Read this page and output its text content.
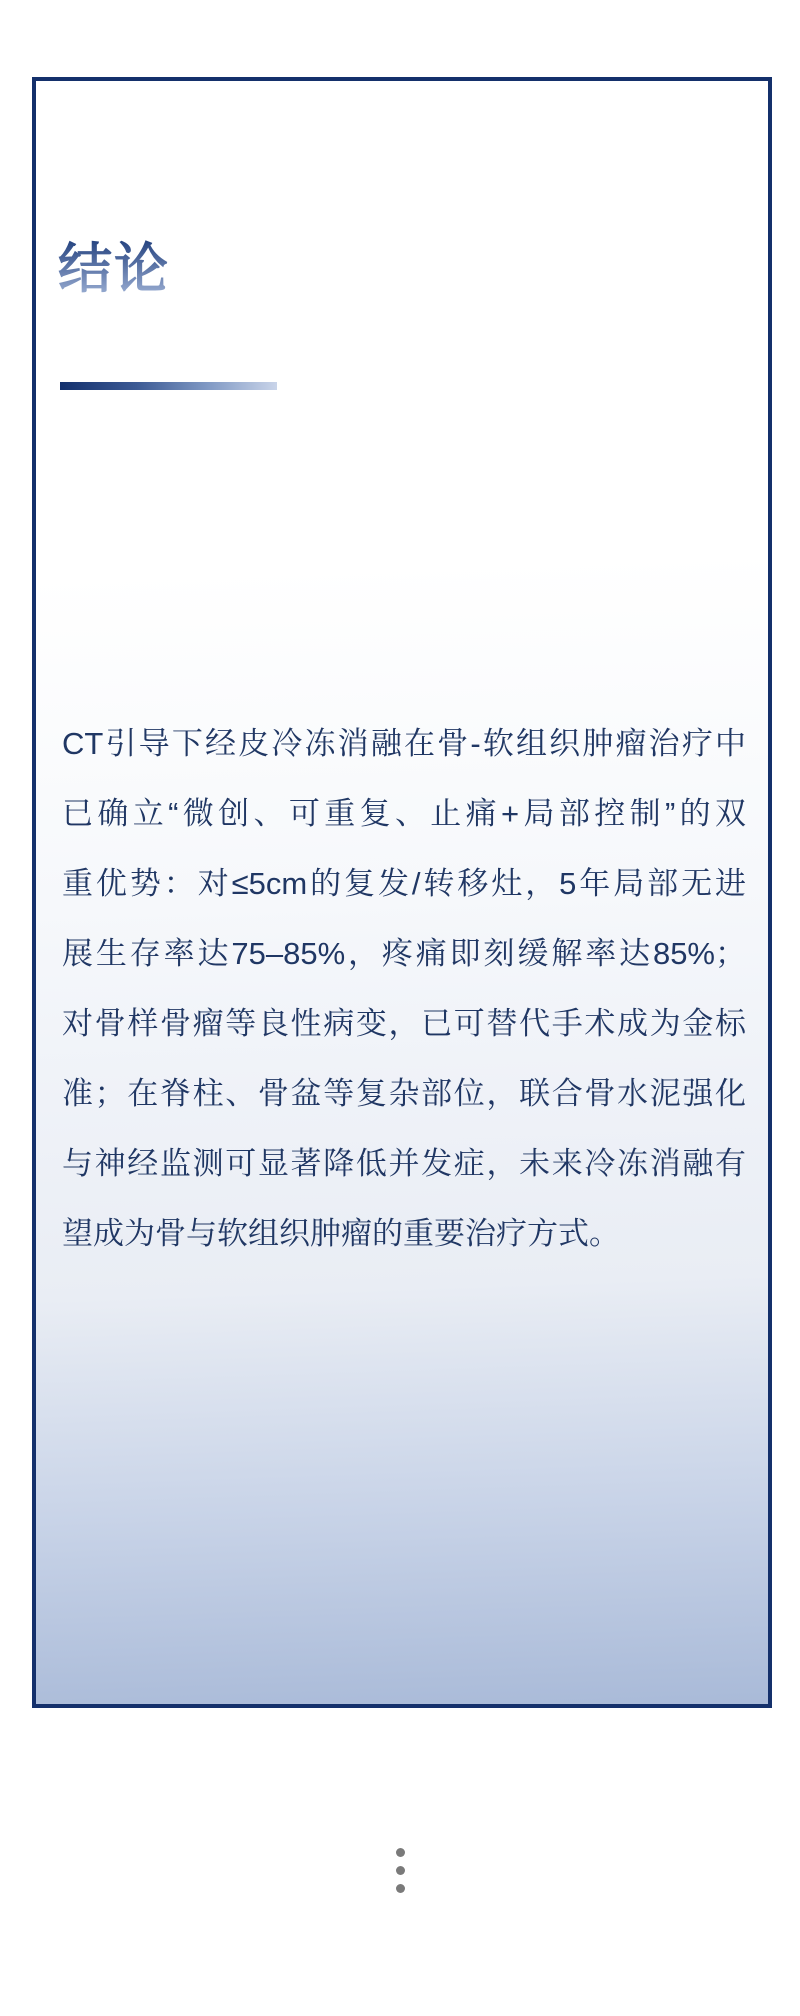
结论
CT引导下经皮冷冻消融在骨-软组织肿瘤治疗中
已确立“微创、可重复、止痛+局部控制”的双
重优势：对≤5cm的复发/转移灶，5年局部无进
展生存率达75–85%，疼痛即刻缓解率达85%；
对骨样骨瘤等良性病变，已可替代手术成为金标
准；在脊柱、骨盆等复杂部位，联合骨水泥强化
与神经监测可显著降低并发症，未来冷冻消融有
望成为骨与软组织肿瘤的重要治疗方式。
